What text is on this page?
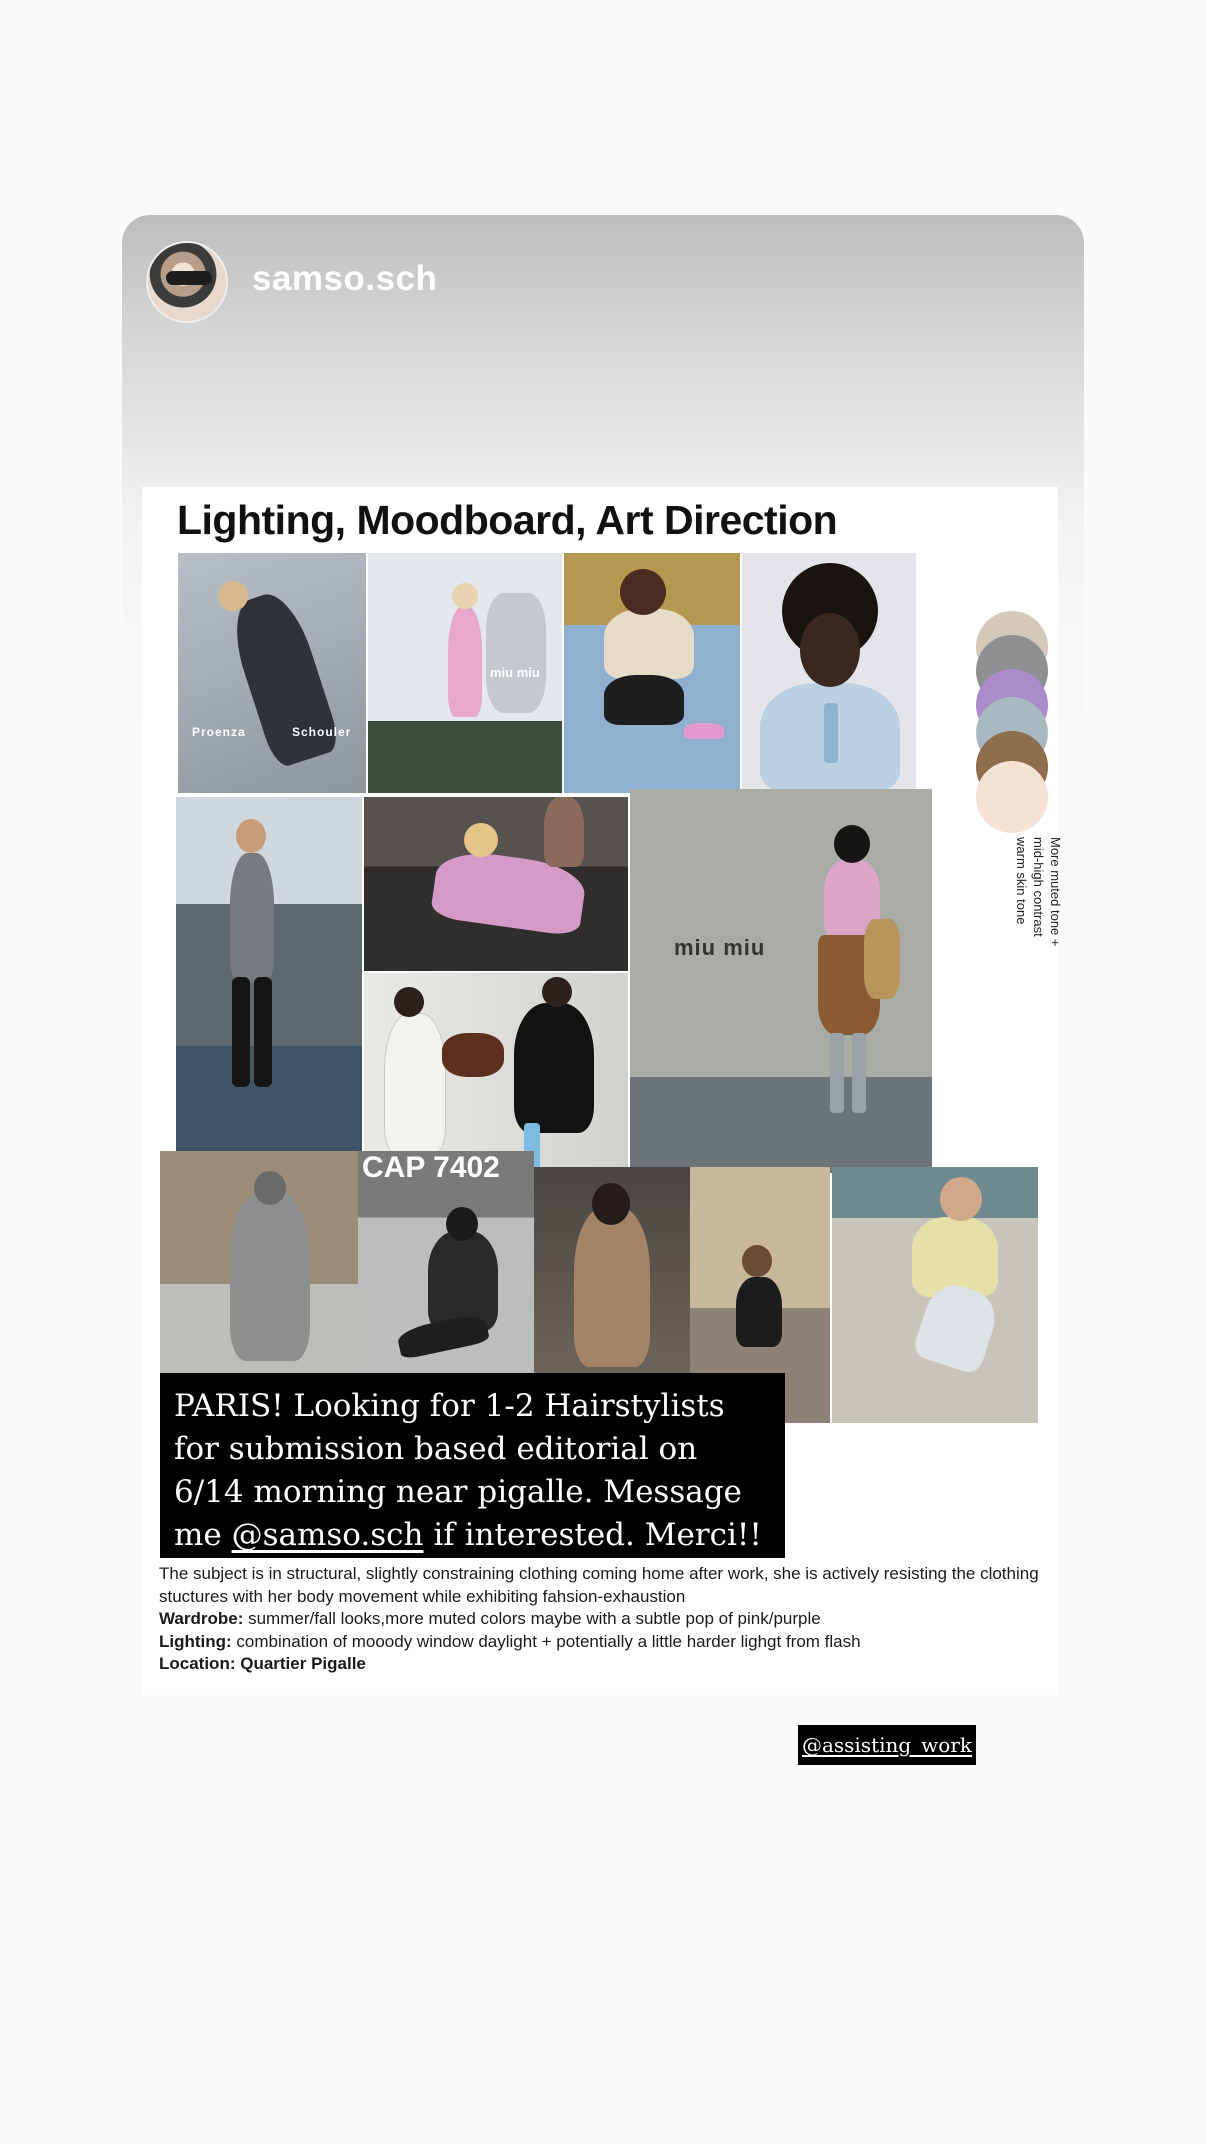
samso.sch
Lighting, Moodboard, Art Direction
Proenza	Schouler
miu miu
miu miu
CAP 7402
More muted tone +
mid-high contrast
warm skin tone

PARIS! Looking for 1-2 Hairstylists for submission based editorial on 6/14 morning near pigalle. Message me @samso.sch if interested. Merci!!

The subject is in structural, slightly constraining clothing coming home after work, she is actively resisting the clothing stuctures with her body movement while exhibiting fahsion-exhaustion
Wardrobe: summer/fall looks,more muted colors maybe with a subtle pop of pink/purple
Lighting: combination of mooody window daylight + potentially a little harder lighgt from flash
Location: Quartier Pigalle
@assisting_work
